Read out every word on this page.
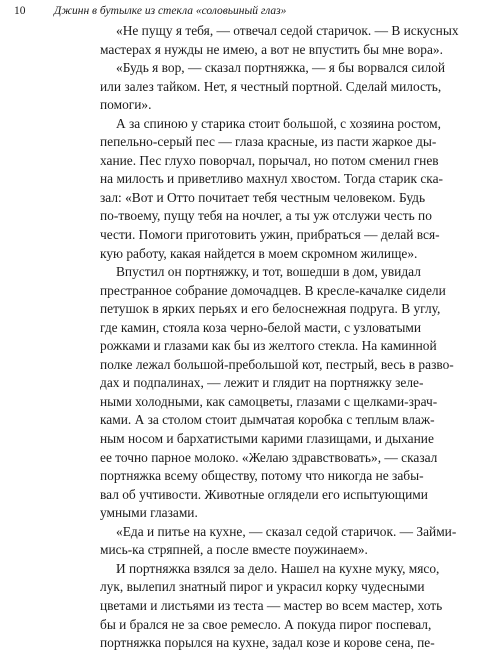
10 Джинн в бутылке из стекла «соловьиный глаз»
«Не пущу я тебя, — отвечал седой старичок. — В искусных
мастерах я нужды не имею, а вот не впустить бы мне вора».
«Будь я вор, — сказал портняжка, — я бы ворвался силой
или залез тайком. Нет, я честный портной. Сделай милость,
помоги».
А за спиною у старика стоит большой, с хозяина ростом,
пепельно-серый пес — глаза красные, из пасти жаркое ды-
хание. Пес глухо поворчал, порычал, но потом сменил гнев
на милость и приветливо махнул хвостом. Тогда старик ска-
зал: «Вот и Отто почитает тебя честным человеком. Будь
по-твоему, пущу тебя на ночлег, а ты уж отслужи честь по
чести. Помоги приготовить ужин, прибраться — делай вся-
кую работу, какая найдется в моем скромном жилище».
Впустил он портняжку, и тот, вошедши в дом, увидал
престранное собрание домочадцев. В кресле-качалке сидели
петушок в ярких перьях и его белоснежная подруга. В углу,
где камин, стояла коза черно-белой масти, с узловатыми
рожками и глазами как бы из желтого стекла. На каминной
полке лежал большой-пребольшой кот, пестрый, весь в разво-
дах и подпалинах, — лежит и глядит на портняжку зеле-
ными холодными, как самоцветы, глазами с щелками-зрач-
ками. А за столом стоит дымчатая коробка с теплым влаж-
ным носом и бархатистыми карими глазищами, и дыхание
ее точно парное молоко. «Желаю здравствовать», — сказал
портняжка всему обществу, потому что никогда не забы-
вал об учтивости. Животные оглядели его испытующими
умными глазами.
«Еда и питье на кухне, — сказал седой старичок. — Займи-
мись-ка стряпней, а после вместе поужинаем».
И портняжка взялся за дело. Нашел на кухне муку, мясо,
лук, вылепил знатный пирог и украсил корку чудесными
цветами и листьями из теста — мастер во всем мастер, хоть
бы и брался не за свое ремесло. А покуда пирог поспевал,
портняжка порылся на кухне, задал козе и корове сена, пе-
